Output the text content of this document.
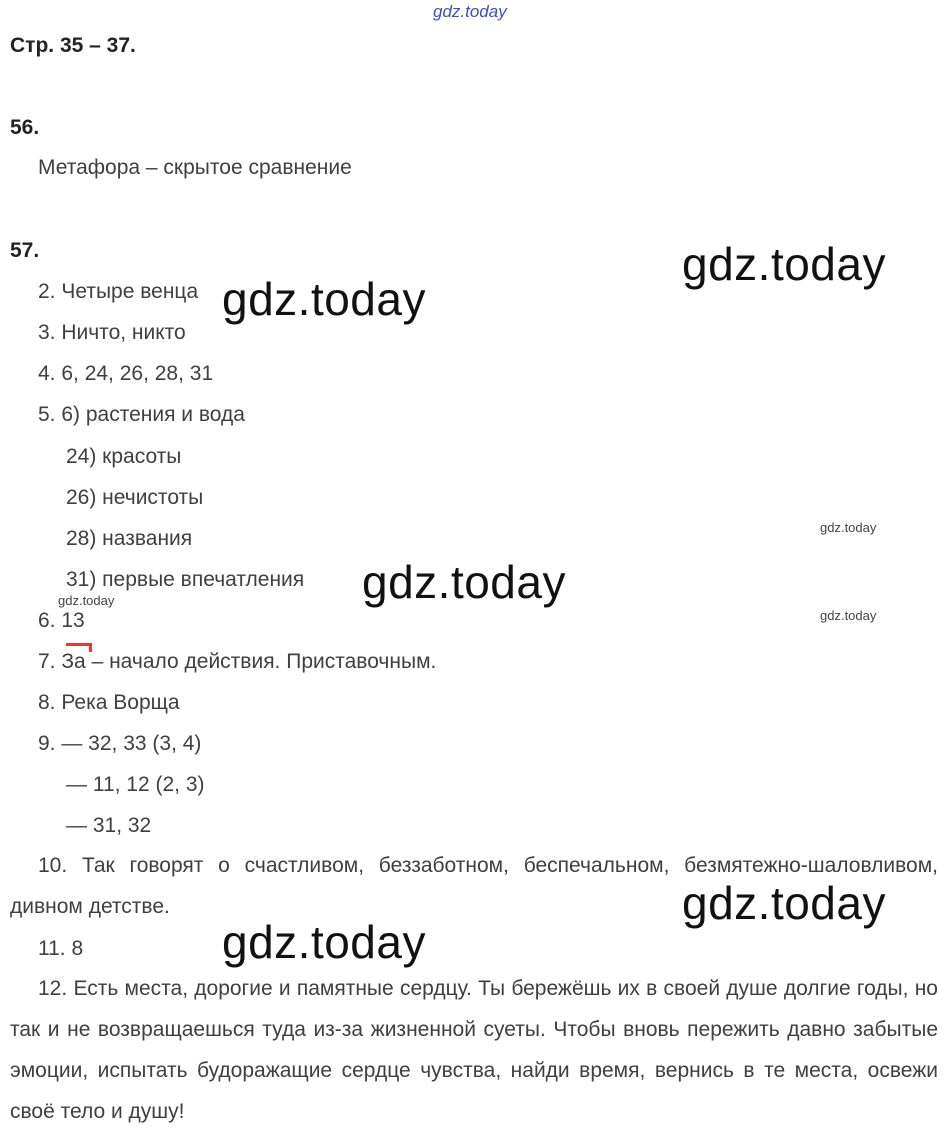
gdz.today
Стр. 35 – 37.
56.
Метафора – скрытое сравнение
57.
2. Четыре венца
3. Ничто, никто
4. 6, 24, 26, 28, 31
5. 6) растения и вода
24) красоты
26) нечистоты
28) названия
31) первые впечатления
6. 13
7. За – начало действия. Приставочным.
8. Река Ворща
9. — 32, 33 (3, 4)
— 11, 12 (2, 3)
— 31, 32
10. Так говорят о счастливом, беззаботном, беспечальном, безмятежно-шаловливом, дивном детстве.
11. 8
12. Есть места, дорогие и памятные сердцу. Ты бережёшь их в своей душе долгие годы, но так и не возвращаешься туда из-за жизненной суеты. Чтобы вновь пережить давно забытые эмоции, испытать будоражащие сердце чувства, найди время, вернись в те места, освежи своё тело и душу!
gdz.today
gdz.today
gdz.today
gdz.today
gdz.today
gdz.today
gdz.today
gdz.today
